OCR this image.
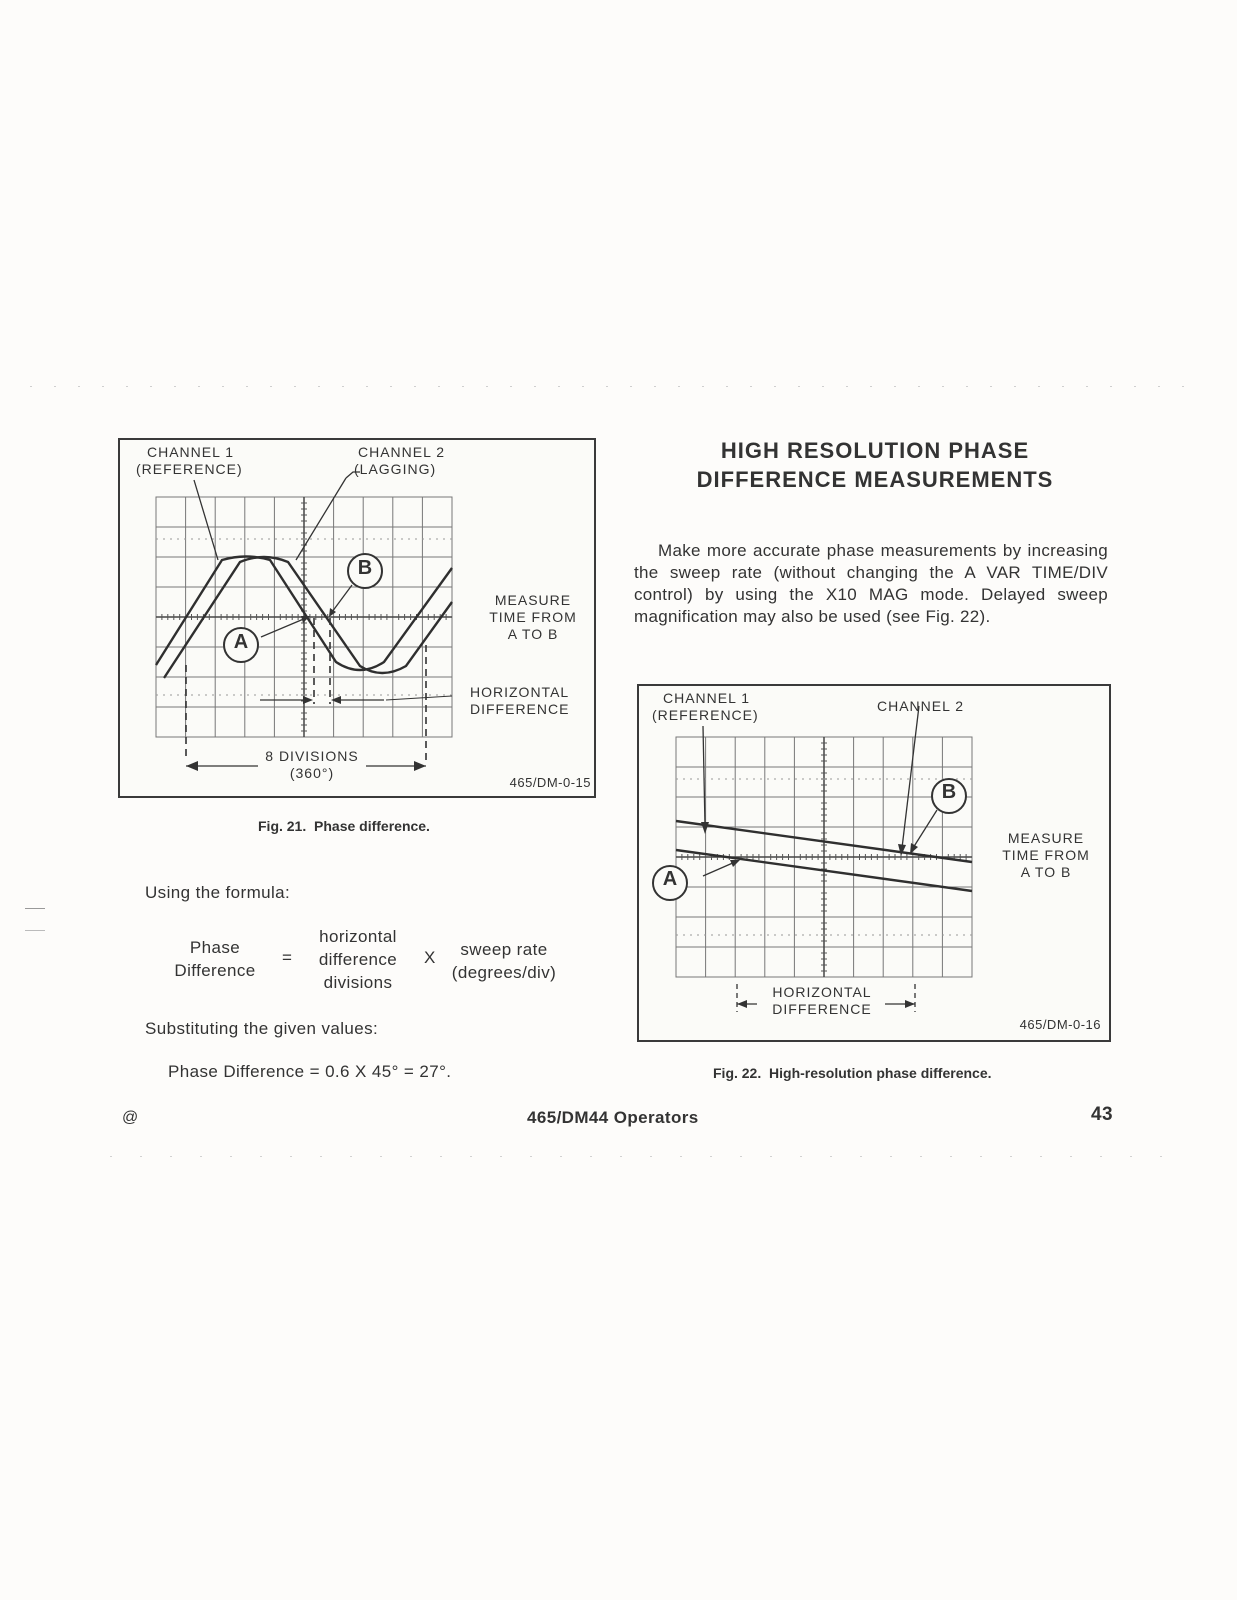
CHANNEL 1
(REFERENCE)
CHANNEL 2
(LAGGING)
A
B
MEASURE
TIME FROM
A TO B
HORIZONTAL
DIFFERENCE
8 DIVISIONS
(360°)
465/DM-0-15
Fig. 21.  Phase difference.
HIGH RESOLUTION PHASE
DIFFERENCE MEASUREMENTS
Make more accurate phase measurements by increasing the sweep rate (without changing the A VAR TIME/DIV control) by using the X10 MAG mode. Delayed sweep magnification may also be used (see Fig. 22).
CHANNEL 1
(REFERENCE)
CHANNEL 2
B
A
MEASURE
TIME FROM
A TO B
HORIZONTAL
DIFFERENCE
465/DM-0-16
Fig. 22.  High-resolution phase difference.
Using the formula:
Phase
Difference
=
horizontal
difference
divisions
X	sweep rate
(degrees/div)
Substituting the given values:
Phase Difference = 0.6 X 45° = 27°.
@	465/DM44 Operators	43
